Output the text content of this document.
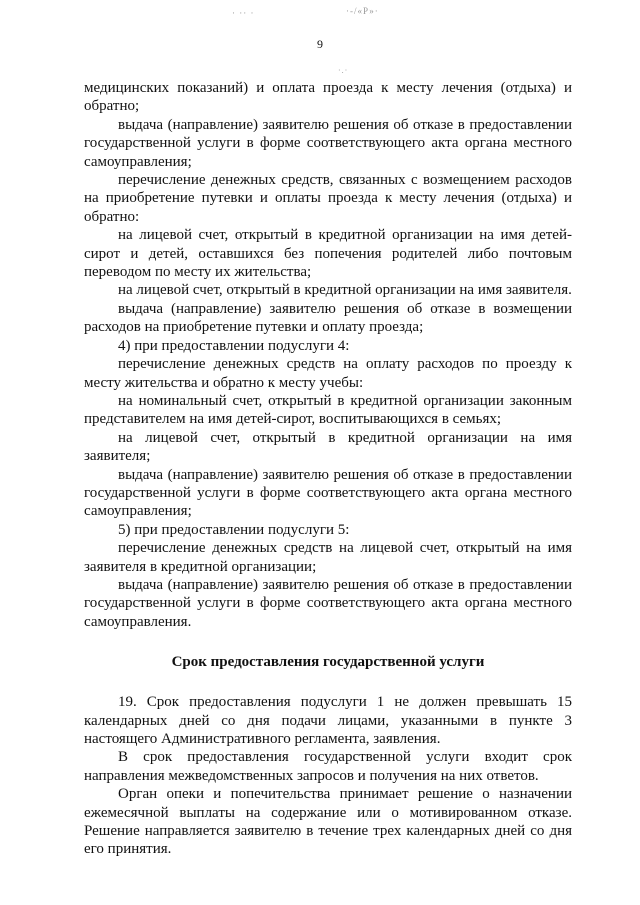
· ·· ·	·-/«Р»·
9
·.·

медицинских показаний) и оплата проезда к месту лечения (отдыха) и обратно;

выдача (направление) заявителю решения об отказе в предоставлении государственной услуги в форме соответствующего акта органа местного самоуправления;

перечисление денежных средств, связанных с возмещением расходов на приобретение путевки и оплаты проезда к месту лечения (отдыха) и обратно:

на лицевой счет, открытый в кредитной организации на имя детей-сирот и детей, оставшихся без попечения родителей либо почтовым переводом по месту их жительства;

на лицевой счет, открытый в кредитной организации на имя заявителя.

выдача (направление) заявителю решения об отказе в возмещении расходов на приобретение путевки и оплату проезда;

4) при предоставлении подуслуги 4:

перечисление денежных средств на оплату расходов по проезду к месту жительства и обратно к месту учебы:

на номинальный счет, открытый в кредитной организации законным представителем на имя детей-сирот, воспитывающихся в семьях;

на лицевой счет, открытый в кредитной организации на имя заявителя;

выдача (направление) заявителю решения об отказе в предоставлении государственной услуги в форме соответствующего акта органа местного самоуправления;

5) при предоставлении подуслуги 5:

перечисление денежных средств на лицевой счет, открытый на имя заявителя в кредитной организации;

выдача (направление) заявителю решения об отказе в предоставлении государственной услуги в форме соответствующего акта органа местного самоуправления.

Срок предоставления государственной услуги

19. Срок предоставления подуслуги 1 не должен превышать 15 календарных дней со дня подачи лицами, указанными в пункте 3 настоящего Административного регламента, заявления.

В срок предоставления государственной услуги входит срок направления межведомственных запросов и получения на них ответов.

Орган опеки и попечительства принимает решение о назначении ежемесячной выплаты на содержание или о мотивированном отказе. Решение направляется заявителю в течение трех календарных дней со дня его принятия.
